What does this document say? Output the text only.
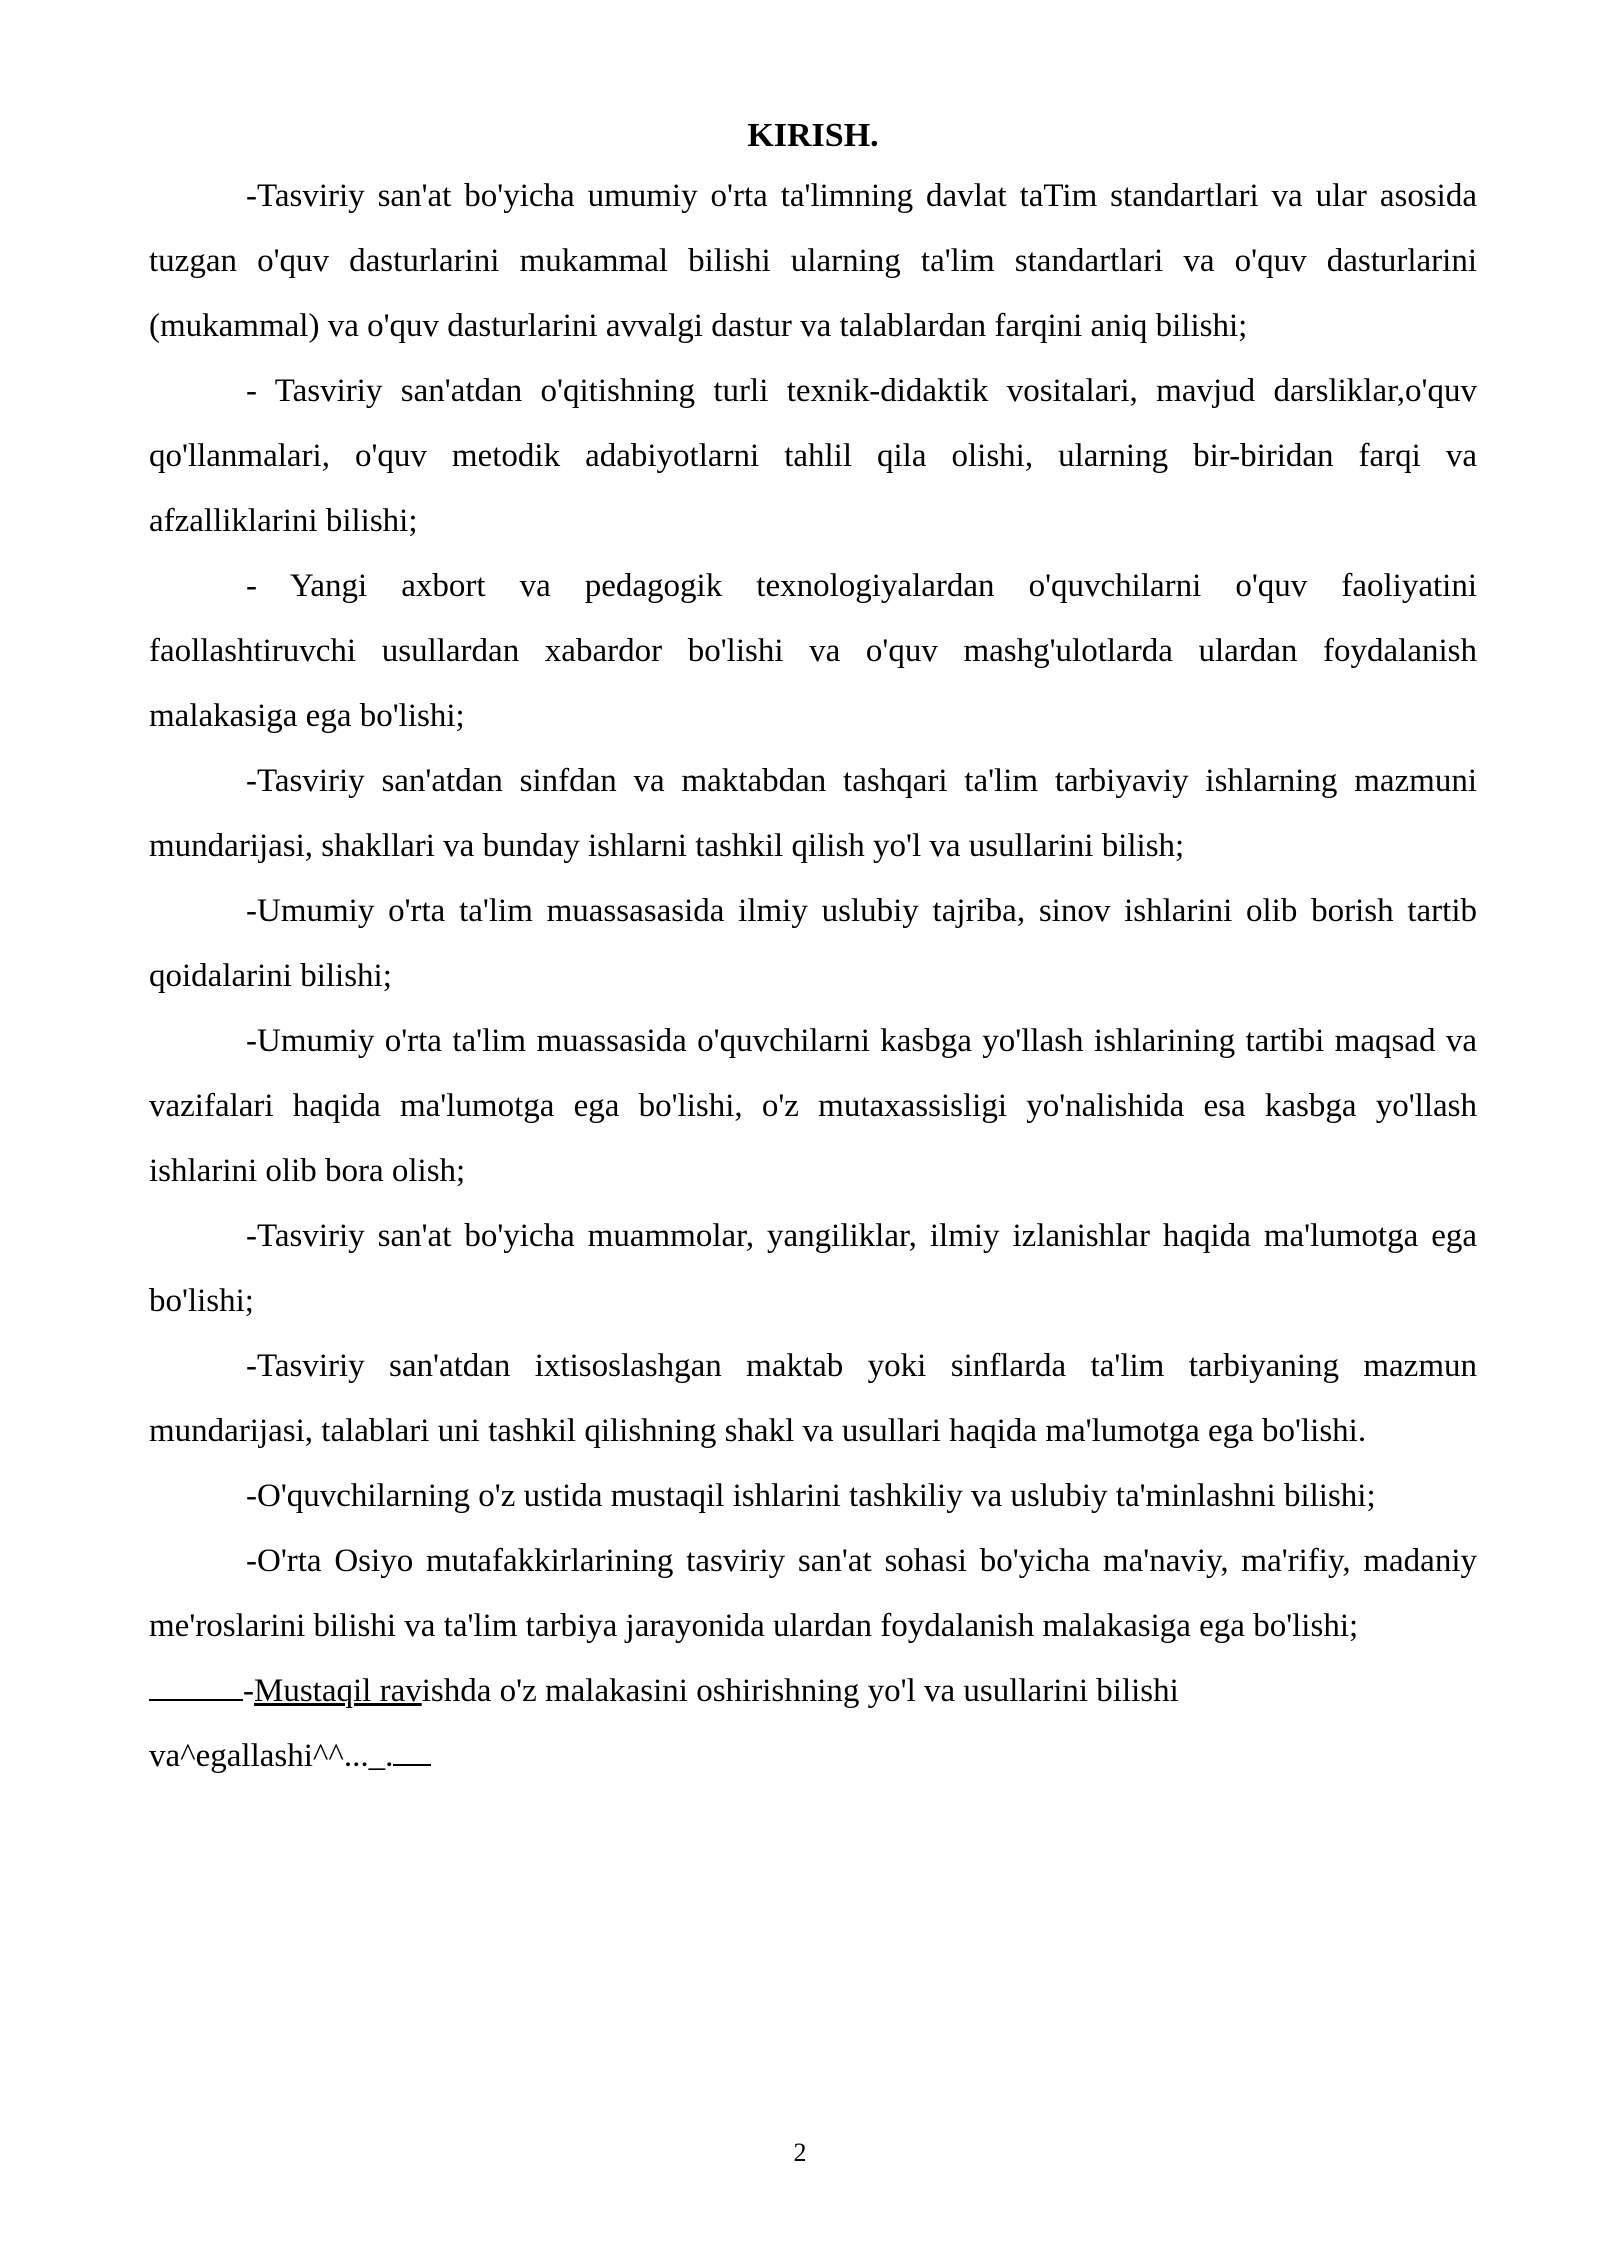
KIRISH.

-Tasviriy san'at bo'yicha umumiy o'rta ta'limning davlat taTim standartlari va ular asosida tuzgan o'quv dasturlarini mukammal bilishi ularning ta'lim standartlari va o'quv dasturlarini (mukammal) va o'quv dasturlarini avvalgi dastur va talablardan farqini aniq bilishi;

- Tasviriy san'atdan o'qitishning turli texnik-didaktik vositalari, mavjud darsliklar,o'quv qo'llanmalari, o'quv metodik adabiyotlarni tahlil qila olishi, ularning bir-biridan farqi va afzalliklarini bilishi;

- Yangi axbort va pedagogik texnologiyalardan o'quvchilarni o'quv faoliyatini faollashtiruvchi usullardan xabardor bo'lishi va o'quv mashg'ulotlarda ulardan foydalanish malakasiga ega bo'lishi;

-Tasviriy san'atdan sinfdan va maktabdan tashqari ta'lim tarbiyaviy ishlarning mazmuni mundarijasi, shakllari va bunday ishlarni tashkil qilish yo'l va usullarini bilish;

-Umumiy o'rta ta'lim muassasasida ilmiy uslubiy tajriba, sinov ishlarini olib borish tartib qoidalarini bilishi;

-Umumiy o'rta ta'lim muassasida o'quvchilarni kasbga yo'llash ishlarining tartibi maqsad va vazifalari haqida ma'lumotga ega bo'lishi, o'z mutaxassisligi yo'nalishida esa kasbga yo'llash ishlarini olib bora olish;

-Tasviriy san'at bo'yicha muammolar, yangiliklar, ilmiy izlanishlar haqida ma'lumotga ega bo'lishi;

-Tasviriy san'atdan ixtisoslashgan maktab yoki sinflarda ta'lim tarbiyaning mazmun mundarijasi, talablari uni tashkil qilishning shakl va usullari haqida ma'lumotga ega bo'lishi.

-O'quvchilarning o'z ustida mustaqil ishlarini tashkiliy va uslubiy ta'minlashni bilishi;

-O'rta Osiyo mutafakkirlarining tasviriy san'at sohasi bo'yicha ma'naviy, ma'rifiy, madaniy me'roslarini bilishi va ta'lim tarbiya jarayonida ulardan foydalanish malakasiga ega bo'lishi;

-Mustaqil ravishda o'z malakasini oshirishning yo'l va usullarini bilishi
va^egallashi^^..._.

2
